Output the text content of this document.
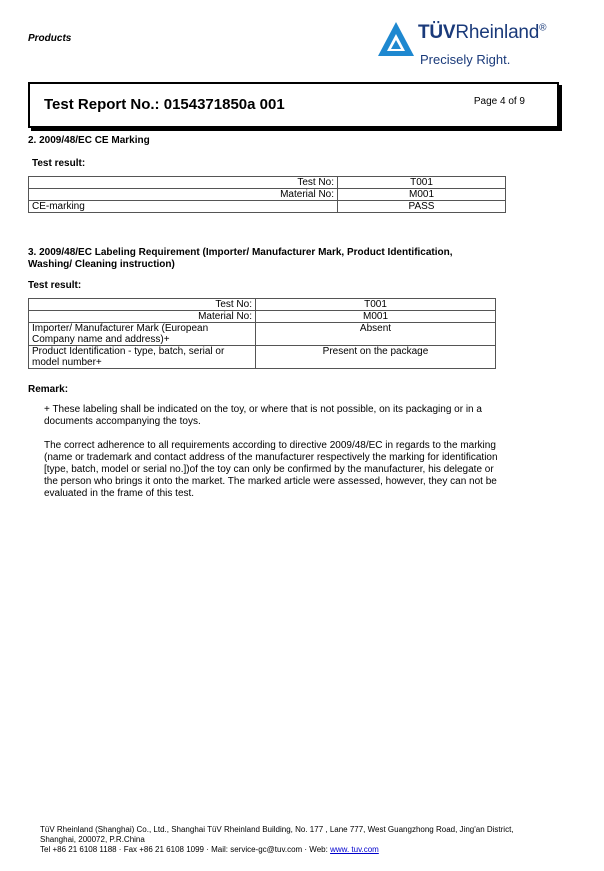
Products	TÜVRheinland®
Precisely Right.
Test Report No.: 0154371850a 001	Page 4 of 9
2. 2009/48/EC CE Marking
Test result:
Test No:	T001
Material No:	M001
CE-marking	PASS
3. 2009/48/EC Labeling Requirement (Importer/ Manufacturer Mark, Product Identification,
Washing/ Cleaning instruction)
Test result:
Test No:	T001
Material No:	M001

Importer/ Manufacturer Mark (European
Company name and address)+	Absent

Product Identification - type, batch, serial or
model number+	Present on the package
Remark:
+ These labeling shall be indicated on the toy, or where that is not possible, on its packaging or in a
documents accompanying the toys.
The correct adherence to all requirements according to directive 2009/48/EC in regards to the marking
(name or trademark and contact address of the manufacturer respectively the marking for identification
[type, batch, model or serial no.])of the toy can only be confirmed by the manufacturer, his delegate or
the person who brings it onto the market. The marked article were assessed, however, they can not be
evaluated in the frame of this test.
TüV Rheinland (Shanghai) Co., Ltd., Shanghai TüV Rheinland Building, No. 177 , Lane 777, West Guangzhong Road, Jing'an District,
Shanghai, 200072, P.R.China
Tel +86 21 6108 1188 · Fax +86 21 6108 1099 · Mail: service-gc@tuv.com · Web: www. tuv.com
